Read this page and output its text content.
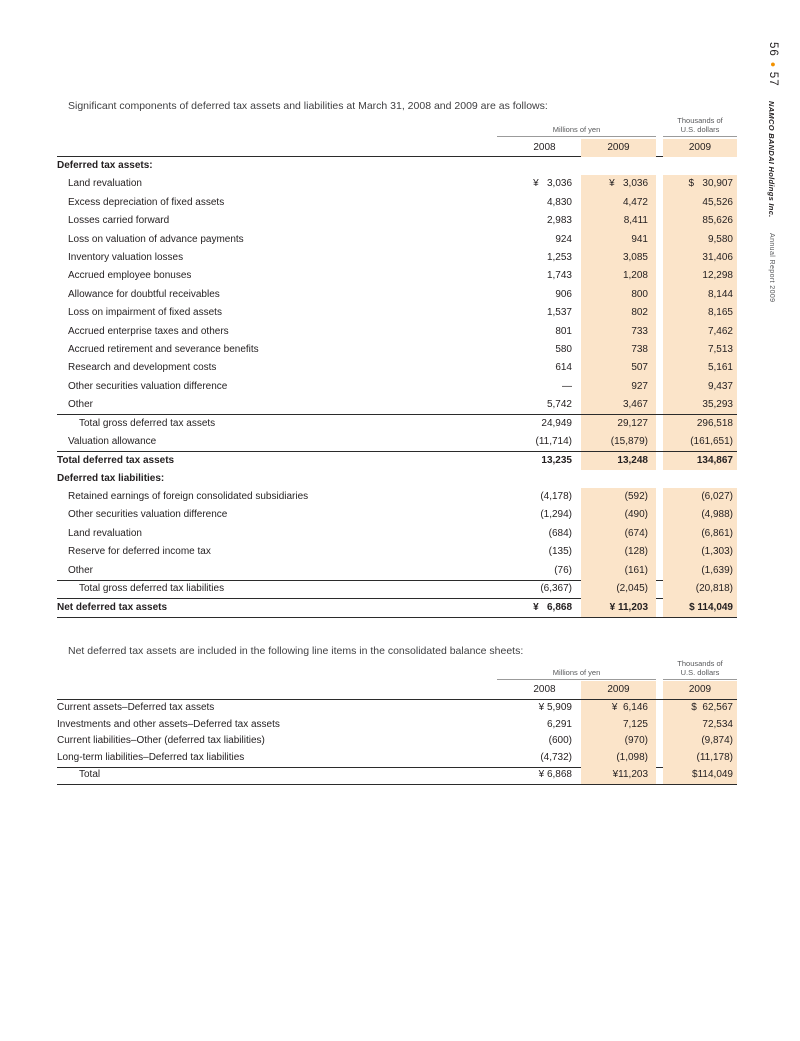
Significant components of deferred tax assets and liabilities at March 31, 2008 and 2009 are as follows:

Millions of yen
Thousands of U.S. dollars
2008	2009	2009
Deferred tax assets:
Land revaluation	¥   3,036	¥   3,036	$   30,907
Excess depreciation of fixed assets	4,830	4,472	45,526
Losses carried forward	2,983	8,411	85,626
Loss on valuation of advance payments	924	941	9,580
Inventory valuation losses	1,253	3,085	31,406
Accrued employee bonuses	1,743	1,208	12,298
Allowance for doubtful receivables	906	800	8,144
Loss on impairment of fixed assets	1,537	802	8,165
Accrued enterprise taxes and others	801	733	7,462
Accrued retirement and severance benefits	580	738	7,513
Research and development costs	614	507	5,161
Other securities valuation difference	—	927	9,437
Other	5,742	3,467	35,293
Total gross deferred tax assets	24,949	29,127	296,518
Valuation allowance	(11,714)	(15,879)	(161,651)
Total deferred tax assets	13,235	13,248	134,867
Deferred tax liabilities:
Retained earnings of foreign consolidated subsidiaries	(4,178)	(592)	(6,027)
Other securities valuation difference	(1,294)	(490)	(4,988)
Land revaluation	(684)	(674)	(6,861)
Reserve for deferred income tax	(135)	(128)	(1,303)
Other	(76)	(161)	(1,639)
Total gross deferred tax liabilities	(6,367)	(2,045)	(20,818)
Net deferred tax assets	¥   6,868	¥ 11,203	$ 114,049

Net deferred tax assets are included in the following line items in the consolidated balance sheets:

Millions of yen
Thousands of U.S. dollars
2008	2009	2009
Current assets–Deferred tax assets	¥ 5,909	¥  6,146	$  62,567
Investments and other assets–Deferred tax assets	6,291	7,125	72,534
Current liabilities–Other (deferred tax liabilities)	(600)	(970)	(9,874)
Long-term liabilities–Deferred tax liabilities	(4,732)	(1,098)	(11,178)
Total	¥ 6,868	¥11,203	$114,049
56●57
NAMCO BANDAI Holdings Inc.
Annual Report 2009
